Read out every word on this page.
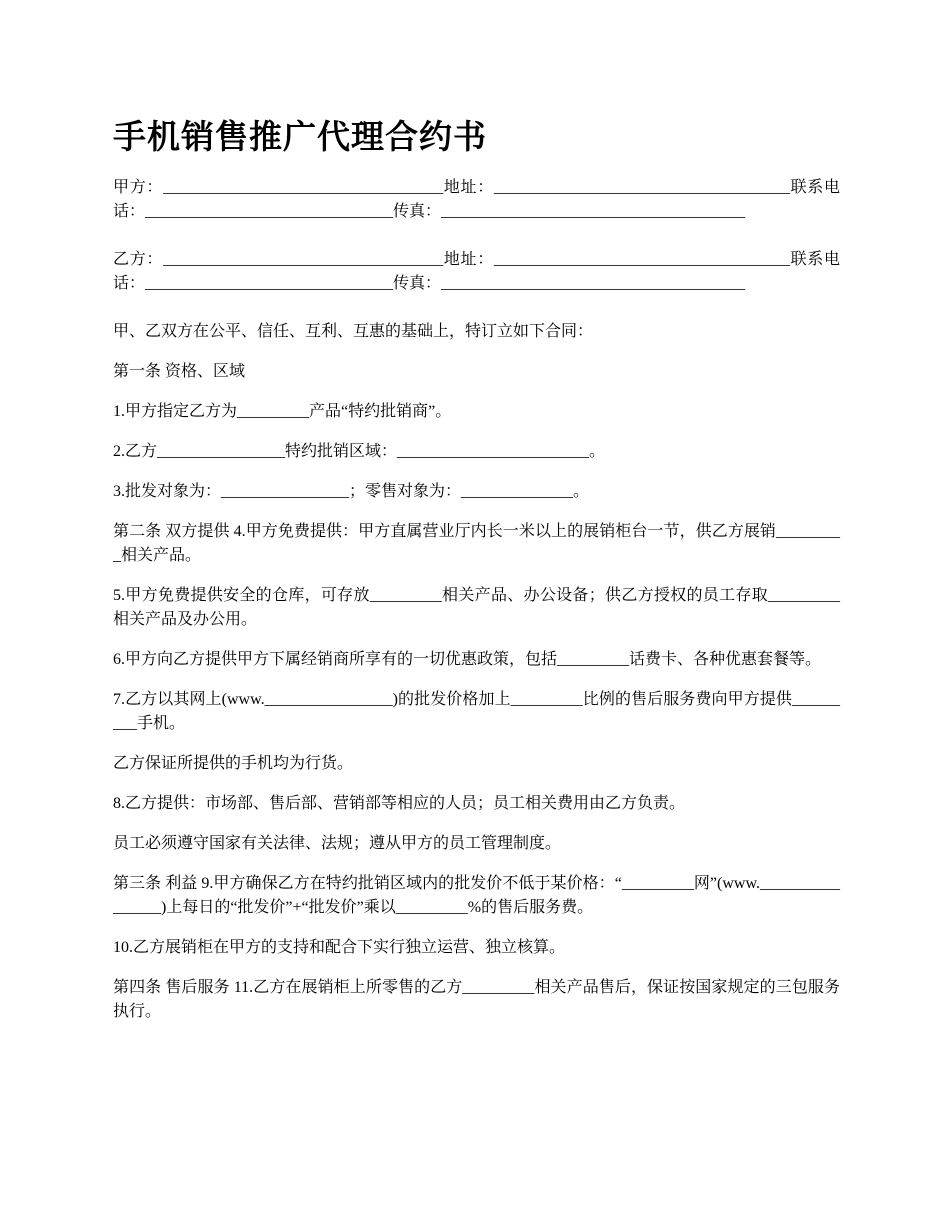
手机销售推广代理合约书

甲方：___________________________________地址：_____________________________________联系电话：_______________________________传真：______________________________________

乙方：___________________________________地址：_____________________________________联系电话：_______________________________传真：______________________________________

甲、乙双方在公平、信任、互利、互惠的基础上，特订立如下合同：

第一条 资格、区域

1.甲方指定乙方为_________产品“特约批销商”。

2.乙方________________特约批销区域：________________________。

3.批发对象为：________________；零售对象为：______________。

第二条 双方提供 4.甲方免费提供：甲方直属营业厅内长一米以上的展销柜台一节，供乙方展销_________相关产品。

5.甲方免费提供安全的仓库，可存放_________相关产品、办公设备；供乙方授权的员工存取_________相关产品及办公用。

6.甲方向乙方提供甲方下属经销商所享有的一切优惠政策，包括_________话费卡、各种优惠套餐等。

7.乙方以其网上(www.________________)的批发价格加上_________比例的售后服务费向甲方提供_________手机。

乙方保证所提供的手机均为行货。

8.乙方提供：市场部、售后部、营销部等相应的人员；员工相关费用由乙方负责。

员工必须遵守国家有关法律、法规；遵从甲方的员工管理制度。

第三条 利益 9.甲方确保乙方在特约批销区域内的批发价不低于某价格：“_________网”(www.________________)上每日的“批发价”+“批发价”乘以_________%的售后服务费。

10.乙方展销柜在甲方的支持和配合下实行独立运营、独立核算。

第四条 售后服务 11.乙方在展销柜上所零售的乙方_________相关产品售后，保证按国家规定的三包服务执行。
